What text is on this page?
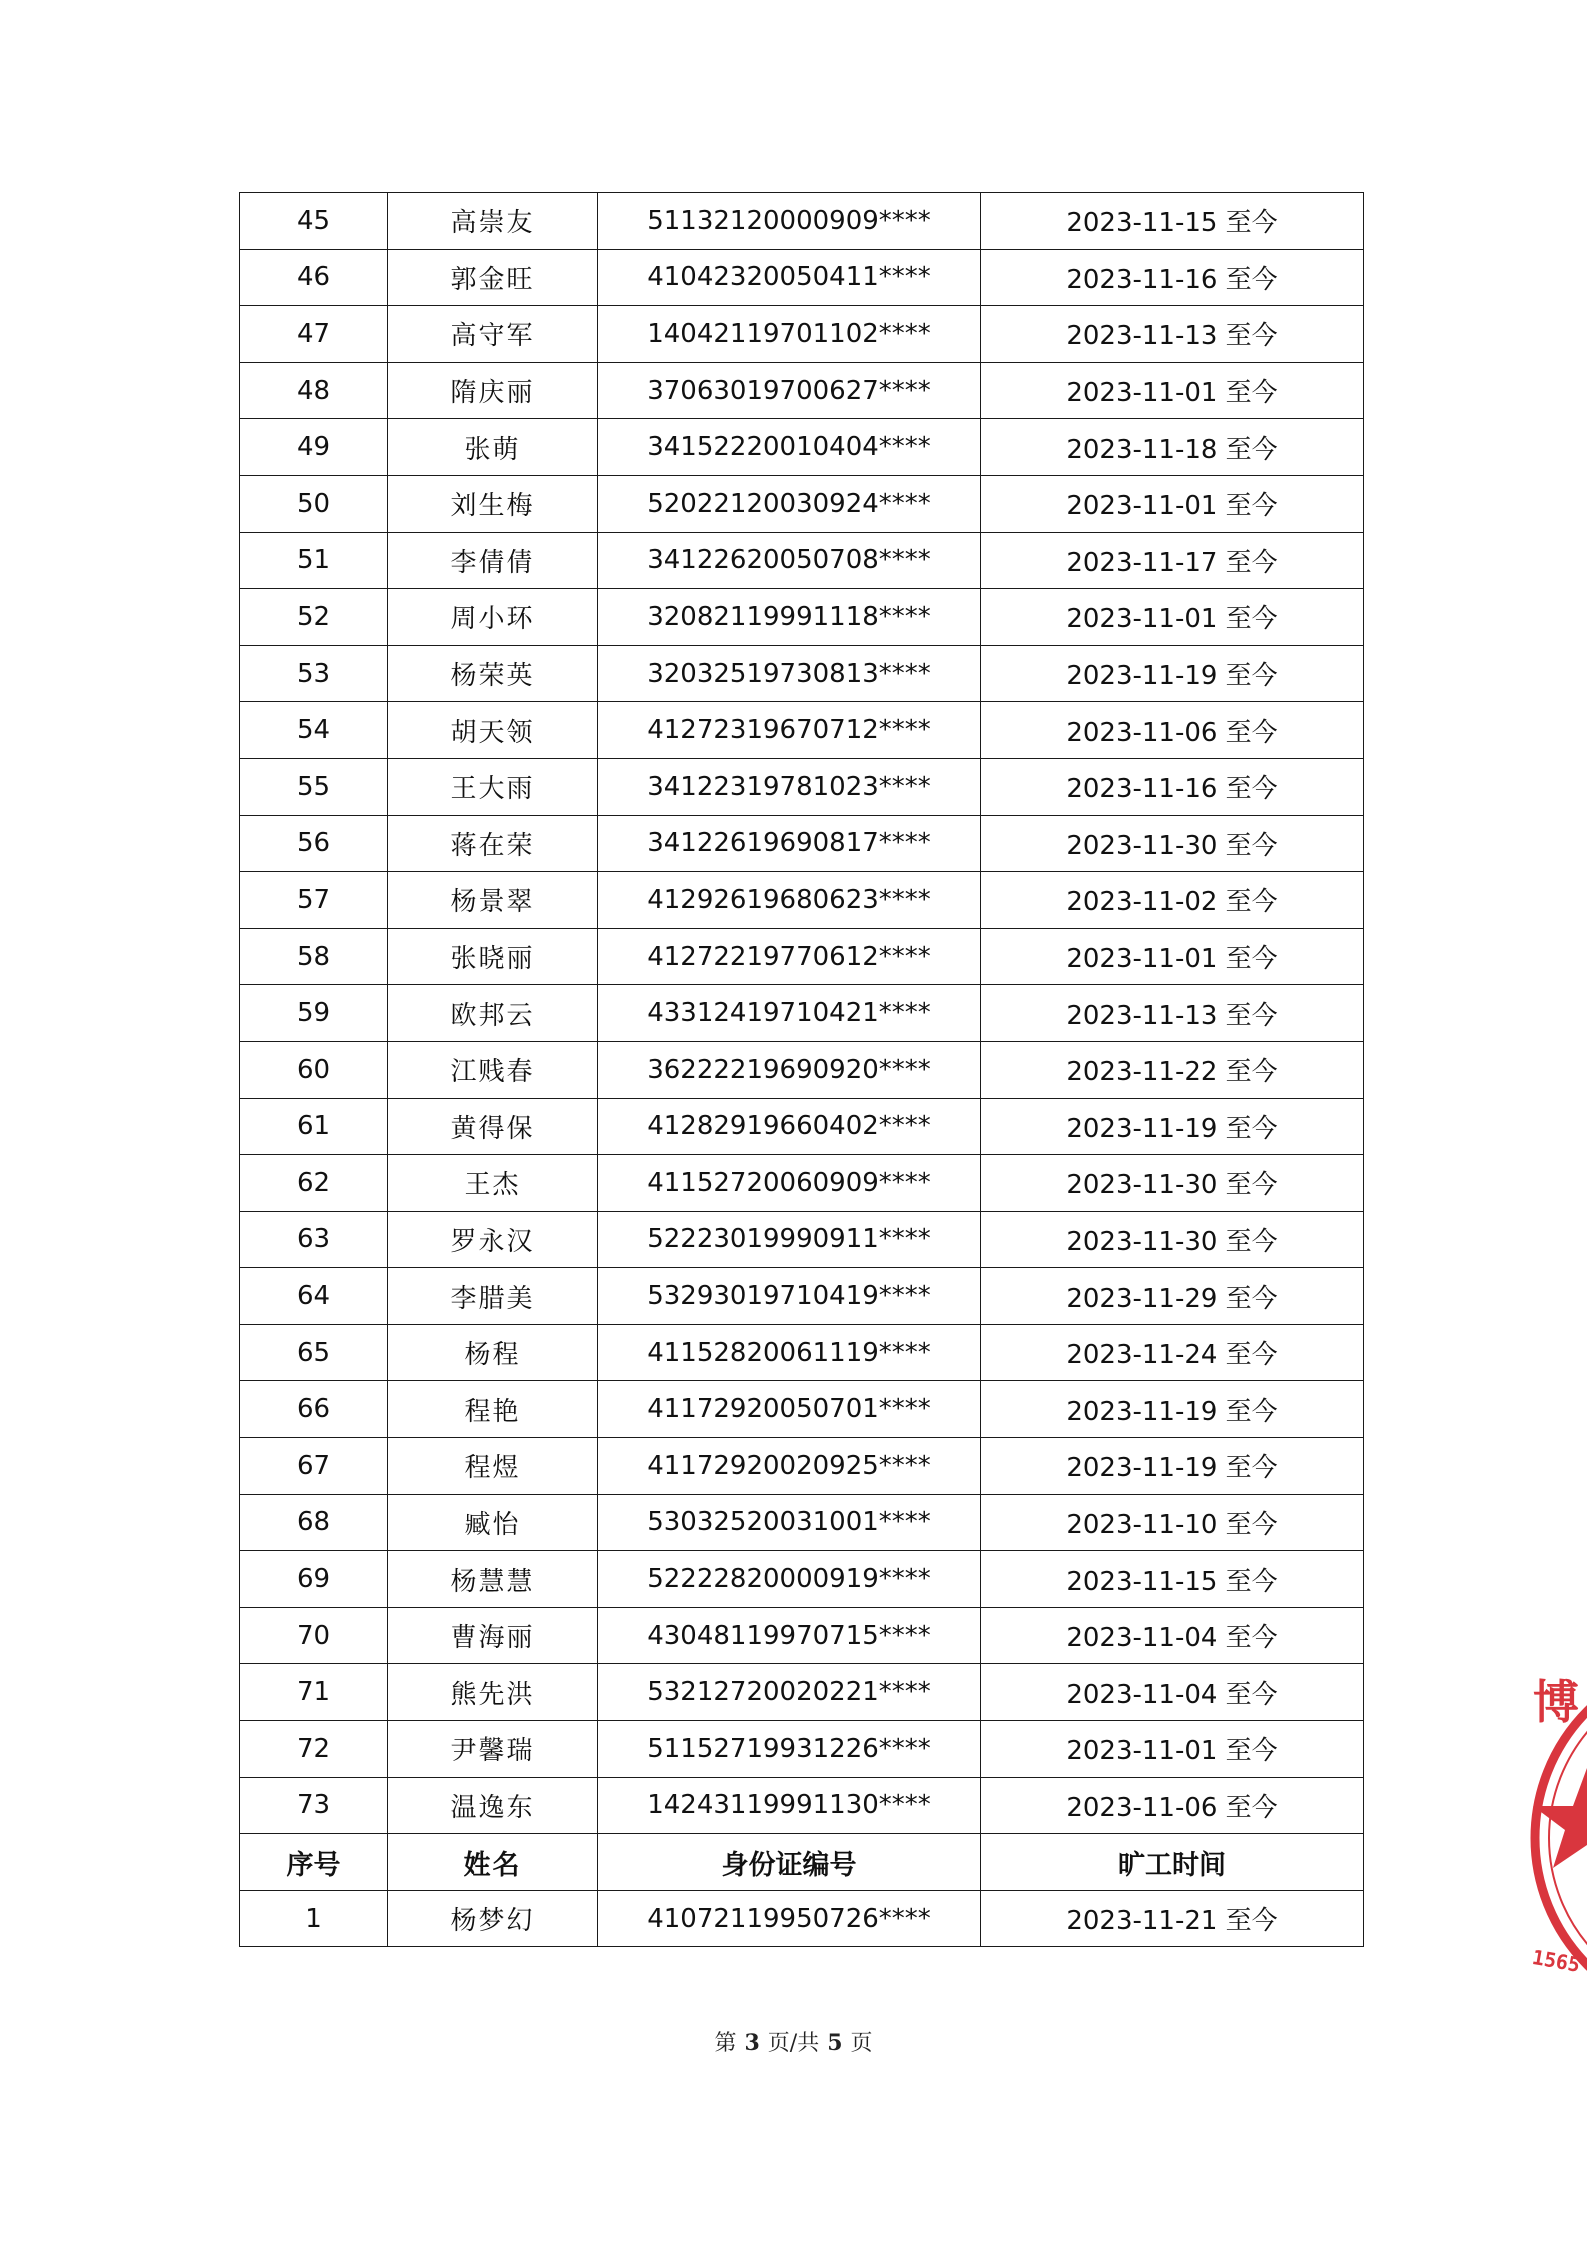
45	高崇友	51132120000909****	2023-11-15 至今
46	郭金旺	41042320050411****	2023-11-16 至今
47	高守军	14042119701102****	2023-11-13 至今
48	隋庆丽	37063019700627****	2023-11-01 至今
49	张萌	34152220010404****	2023-11-18 至今
50	刘生梅	52022120030924****	2023-11-01 至今
51	李倩倩	34122620050708****	2023-11-17 至今
52	周小环	32082119991118****	2023-11-01 至今
53	杨荣英	32032519730813****	2023-11-19 至今
54	胡天领	41272319670712****	2023-11-06 至今
55	王大雨	34122319781023****	2023-11-16 至今
56	蒋在荣	34122619690817****	2023-11-30 至今
57	杨景翠	41292619680623****	2023-11-02 至今
58	张晓丽	41272219770612****	2023-11-01 至今
59	欧邦云	43312419710421****	2023-11-13 至今
60	江贱春	36222219690920****	2023-11-22 至今
61	黄得保	41282919660402****	2023-11-19 至今
62	王杰	41152720060909****	2023-11-30 至今
63	罗永汉	52223019990911****	2023-11-30 至今
64	李腊美	53293019710419****	2023-11-29 至今
65	杨程	41152820061119****	2023-11-24 至今
66	程艳	41172920050701****	2023-11-19 至今
67	程煜	41172920020925****	2023-11-19 至今
68	臧怡	53032520031001****	2023-11-10 至今
69	杨慧慧	52222820000919****	2023-11-15 至今
70	曹海丽	43048119970715****	2023-11-04 至今
71	熊先洪	53212720020221****	2023-11-04 至今
72	尹馨瑞	51152719931226****	2023-11-01 至今
73	温逸东	14243119991130****	2023-11-06 至今
序号	姓名	身份证编号	旷工时间
1	杨梦幻	41072119950726****	2023-11-21 至今
第 3 页/共 5 页
博
1565
